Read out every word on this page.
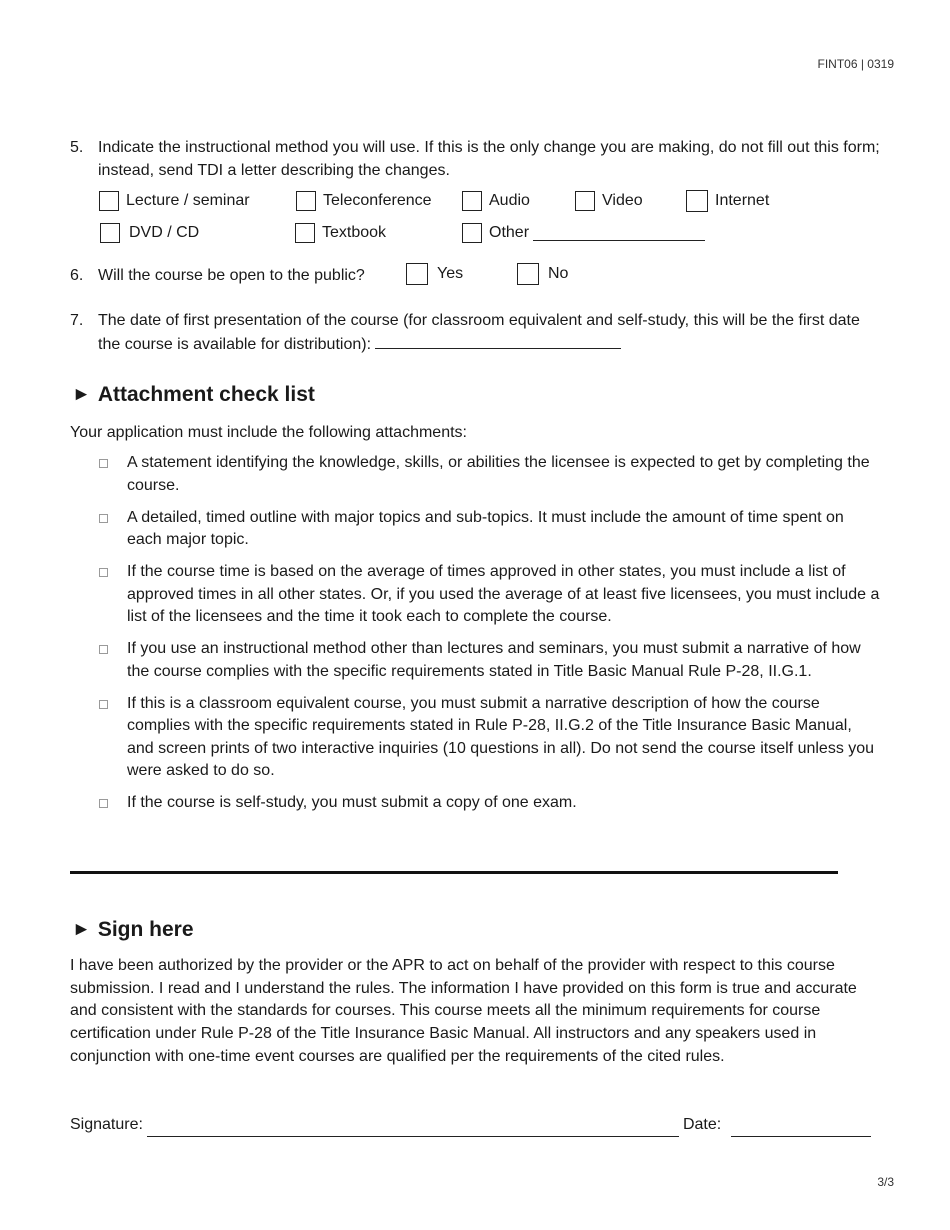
FINT06 | 0319
5. Indicate the instructional method you will use. If this is the only change you are making, do not fill out this form; instead, send TDI a letter describing the changes.
Lecture / seminar	Teleconference	Audio	Video	Internet
DVD / CD	Textbook	Other
6. Will the course be open to the public?	Yes	No
7. The date of first presentation of the course (for classroom equivalent and self-study, this will be the first date the course is available for distribution):
► Attachment check list
Your application must include the following attachments:
A statement identifying the knowledge, skills, or abilities the licensee is expected to get by completing the course.
A detailed, timed outline with major topics and sub-topics. It must include the amount of time spent on each major topic.
If the course time is based on the average of times approved in other states, you must include a list of approved times in all other states. Or, if you used the average of at least five licensees, you must include a list of the licensees and the time it took each to complete the course.
If you use an instructional method other than lectures and seminars, you must submit a narrative of how the course complies with the specific requirements stated in Title Basic Manual Rule P-28, II.G.1.
If this is a classroom equivalent course, you must submit a narrative description of how the course complies with the specific requirements stated in Rule P-28, II.G.2 of the Title Insurance Basic Manual, and screen prints of two interactive inquiries (10 questions in all). Do not send the course itself unless you were asked to do so.
If the course is self-study, you must submit a copy of one exam.
► Sign here
I have been authorized by the provider or the APR to act on behalf of the provider with respect to this course submission. I read and I understand the rules. The information I have provided on this form is true and accurate and consistent with the standards for courses. This course meets all the minimum requirements for course certification under Rule P-28 of the Title Insurance Basic Manual. All instructors and any speakers used in conjunction with one-time event courses are qualified per the requirements of the cited rules.
Signature:	Date:
3/3
